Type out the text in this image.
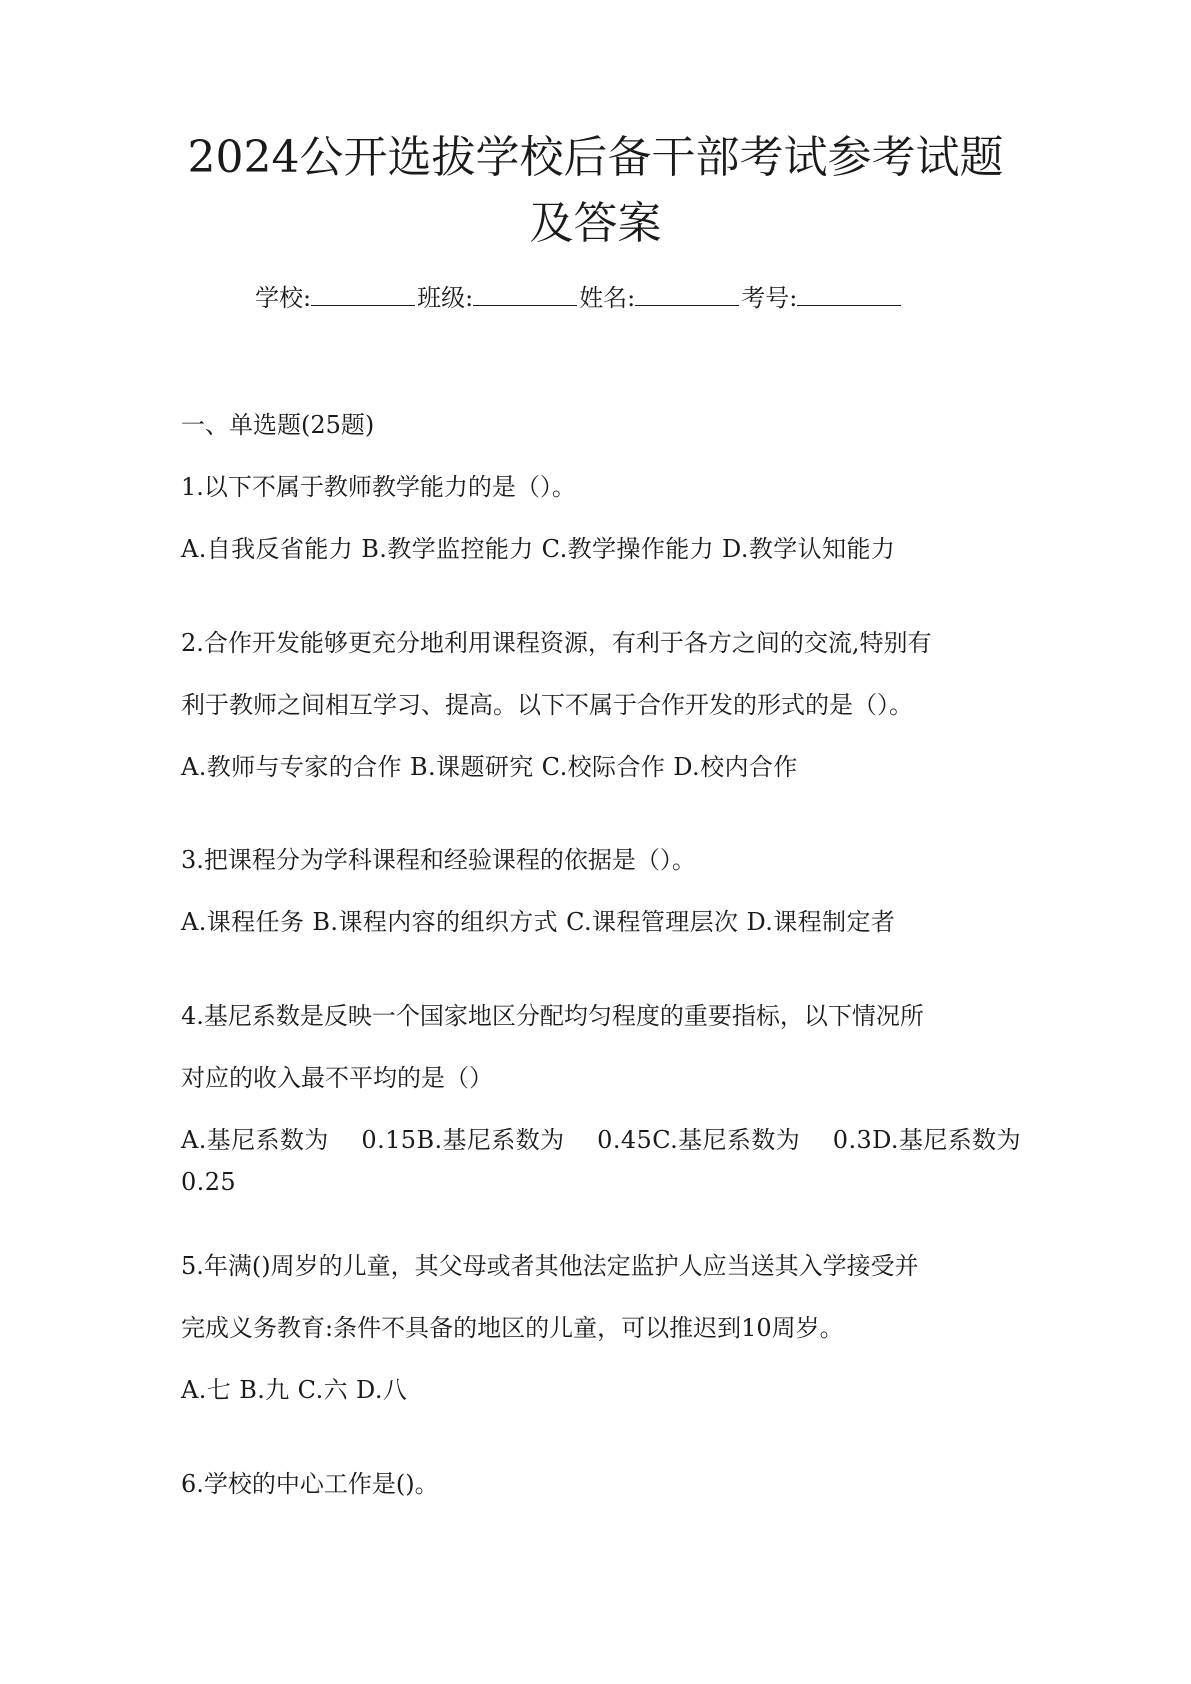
2024公开选拔学校后备干部考试参考试题
及答案
学校:	班级:	姓名:	考号:
一、单选题(25题)
1.以下不属于教师教学能力的是（）。
A.自我反省能力 B.教学监控能力 C.教学操作能力 D.教学认知能力
2.合作开发能够更充分地利用课程资源，有利于各方之间的交流,特别有
利于教师之间相互学习、提高。以下不属于合作开发的形式的是（）。
A.教师与专家的合作 B.课题研究 C.校际合作 D.校内合作
3.把课程分为学科课程和经验课程的依据是（）。
A.课程任务 B.课程内容的组织方式 C.课程管理层次 D.课程制定者
4.基尼系数是反映一个国家地区分配均匀程度的重要指标，以下情况所
对应的收入最不平均的是（）
A.基尼系数为 0.15B.基尼系数为 0.45C.基尼系数为 0.3D.基尼系数为
0.25
5.年满()周岁的儿童，其父母或者其他法定监护人应当送其入学接受并
完成义务教育:条件不具备的地区的儿童，可以推迟到10周岁。
A.七 B.九 C.六 D.八
6.学校的中心工作是()。
